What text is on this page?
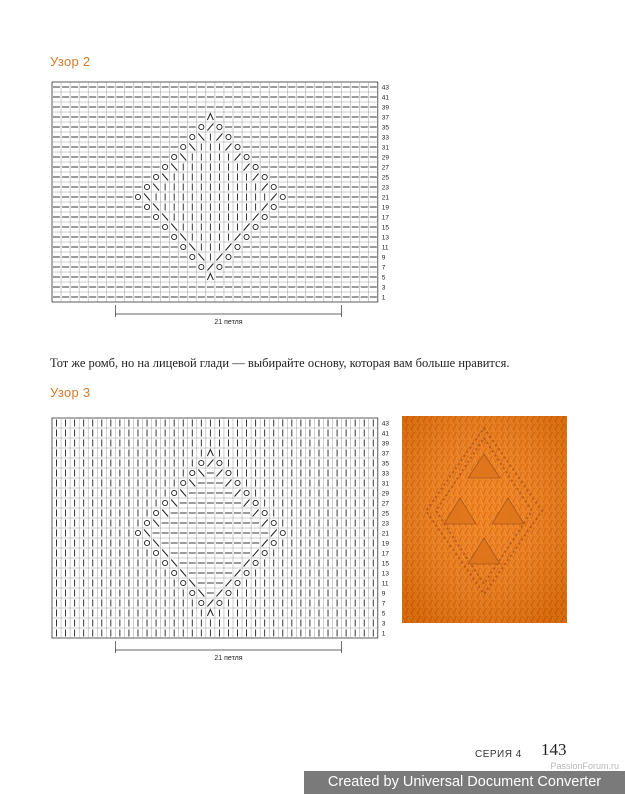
Узор 2
43
41
39
37
35
33
31
29
27
25
23
21
19
17
15
13
11
9
7
5
3
1
21 петля
Тот же ромб, но на лицевой глади — выбирайте основу, которая вам больше нравится.
Узор 3
43
41
39
37
35
33
31
29
27
25
23
21
19
17
15
13
11
9
7
5
3
1
21 петля
СЕРИЯ 4 143
PassionForum.ru
Created by Universal Document Converter
